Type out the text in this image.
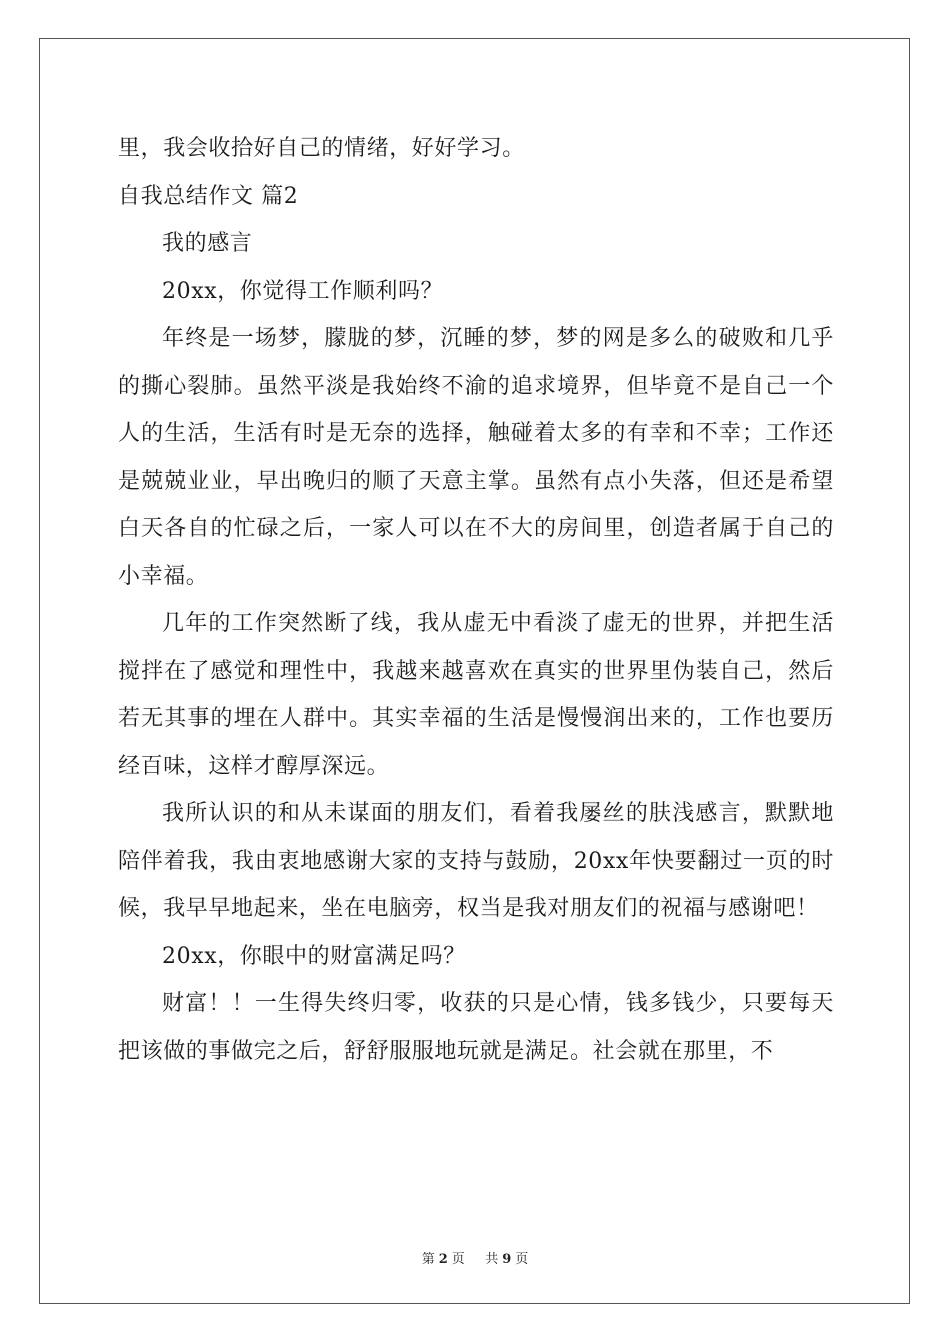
里，我会收拾好自己的情绪，好好学习。
自我总结作文 篇2
我的感言
20xx，你觉得工作顺利吗？

年终是一场梦，朦胧的梦，沉睡的梦，梦的网是多么的破败和几乎的撕心裂肺。虽然平淡是我始终不渝的追求境界，但毕竟不是自己一个人的生活，生活有时是无奈的选择，触碰着太多的有幸和不幸；工作还是兢兢业业，早出晚归的顺了天意主掌。虽然有点小失落，但还是希望白天各自的忙碌之后，一家人可以在不大的房间里，创造者属于自己的小幸福。

几年的工作突然断了线，我从虚无中看淡了虚无的世界，并把生活搅拌在了感觉和理性中，我越来越喜欢在真实的世界里伪装自己，然后若无其事的埋在人群中。其实幸福的生活是慢慢润出来的，工作也要历经百味，这样才醇厚深远。

我所认识的和从未谋面的朋友们，看着我屡丝的肤浅感言，默默地陪伴着我，我由衷地感谢大家的支持与鼓励，20xx年快要翻过一页的时候，我早早地起来，坐在电脑旁，权当是我对朋友们的祝福与感谢吧！

20xx，你眼中的财富满足吗？

财富！！一生得失终归零，收获的只是心情，钱多钱少，只要每天把该做的事做完之后，舒舒服服地玩就是满足。社会就在那里，不

第 2 页 共 9 页
